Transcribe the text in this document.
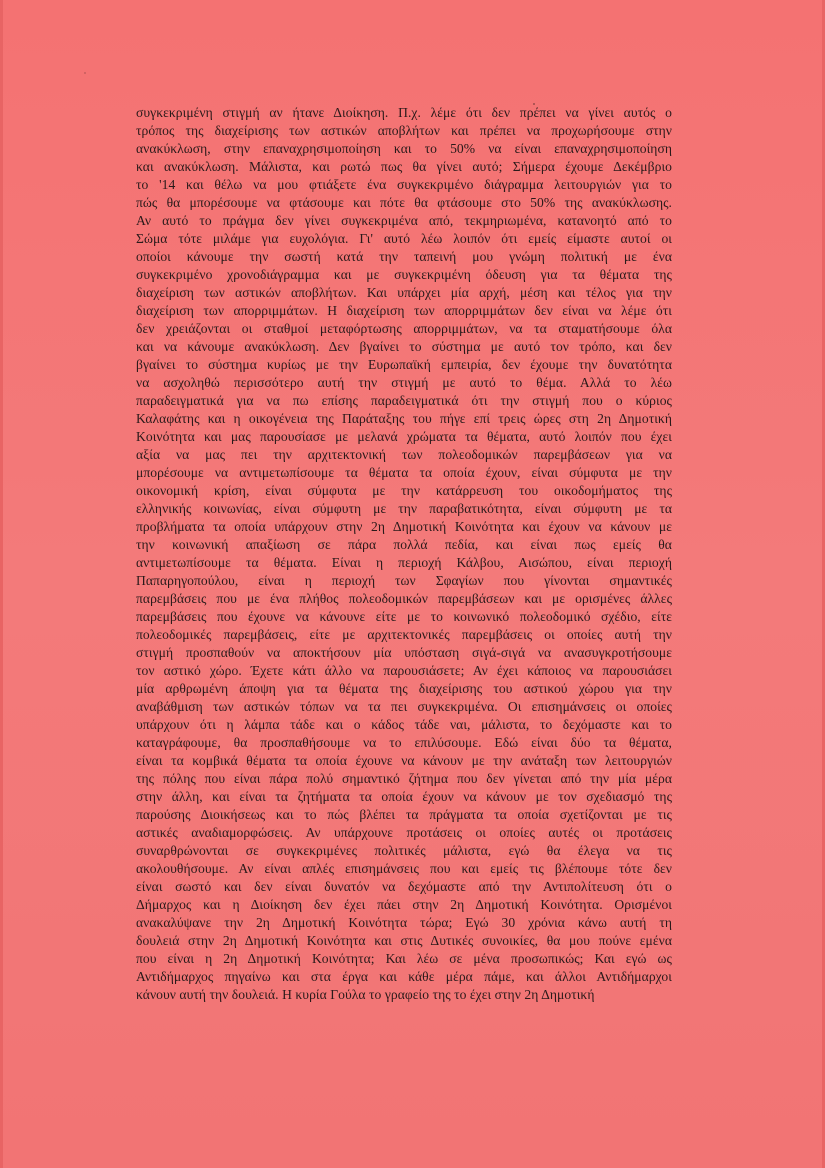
συγκεκριμένη στιγμή αν ήτανε Διοίκηση. Π.χ. λέμε ότι δεν πρέπει να γίνει αυτός ο
τρόπος της διαχείρισης των αστικών αποβλήτων και πρέπει να προχωρήσουμε στην
ανακύκλωση, στην επαναχρησιμοποίηση και το 50% να είναι επαναχρησιμοποίηση
και ανακύκλωση. Μάλιστα, και ρωτώ πως θα γίνει αυτό; Σήμερα έχουμε Δεκέμβριο
το '14 και θέλω να μου φτιάξετε ένα συγκεκριμένο διάγραμμα λειτουργιών για το
πώς θα μπορέσουμε να φτάσουμε και πότε θα φτάσουμε στο 50% της ανακύκλωσης.
Αν αυτό το πράγμα δεν γίνει συγκεκριμένα από, τεκμηριωμένα, κατανοητό από το
Σώμα τότε μιλάμε για ευχολόγια. Γι' αυτό λέω λοιπόν ότι εμείς είμαστε αυτοί οι
οποίοι κάνουμε την σωστή κατά την ταπεινή μου γνώμη πολιτική με ένα
συγκεκριμένο χρονοδιάγραμμα και με συγκεκριμένη όδευση για τα θέματα της
διαχείριση των αστικών αποβλήτων. Και υπάρχει μία αρχή, μέση και τέλος για την
διαχείριση των απορριμμάτων. Η διαχείριση των απορριμμάτων δεν είναι να λέμε ότι
δεν χρειάζονται οι σταθμοί μεταφόρτωσης απορριμμάτων, να τα σταματήσουμε όλα
και να κάνουμε ανακύκλωση. Δεν βγαίνει το σύστημα με αυτό τον τρόπο, και δεν
βγαίνει το σύστημα κυρίως με την Ευρωπαϊκή εμπειρία, δεν έχουμε την δυνατότητα
να ασχοληθώ περισσότερο αυτή την στιγμή με αυτό το θέμα. Αλλά το λέω
παραδειγματικά για να πω επίσης παραδειγματικά ότι την στιγμή που ο κύριος
Καλαφάτης και η οικογένεια της Παράταξης του πήγε επί τρεις ώρες στη 2η Δημοτική
Κοινότητα και μας παρουσίασε με μελανά χρώματα τα θέματα, αυτό λοιπόν που έχει
αξία να μας πει την αρχιτεκτονική των πολεοδομικών παρεμβάσεων για να
μπορέσουμε να αντιμετωπίσουμε τα θέματα τα οποία έχουν, είναι σύμφυτα με την
οικονομική κρίση, είναι σύμφυτα με την κατάρρευση του οικοδομήματος της
ελληνικής κοινωνίας, είναι σύμφυτη με την παραβατικότητα, είναι σύμφυτη με τα
προβλήματα τα οποία υπάρχουν στην 2η Δημοτική Κοινότητα και έχουν να κάνουν με
την κοινωνική απαξίωση σε πάρα πολλά πεδία, και είναι πως εμείς θα
αντιμετωπίσουμε τα θέματα. Είναι η περιοχή Κάλβου, Αισώπου, είναι περιοχή
Παπαρηγοπούλου, είναι η περιοχή των Σφαγίων που γίνονται σημαντικές
παρεμβάσεις που με ένα πλήθος πολεοδομικών παρεμβάσεων και με ορισμένες άλλες
παρεμβάσεις που έχουνε να κάνουνε είτε με το κοινωνικό πολεοδομικό σχέδιο, είτε
πολεοδομικές παρεμβάσεις, είτε με αρχιτεκτονικές παρεμβάσεις οι οποίες αυτή την
στιγμή προσπαθούν να αποκτήσουν μία υπόσταση σιγά-σιγά να ανασυγκροτήσουμε
τον αστικό χώρο. Έχετε κάτι άλλο να παρουσιάσετε; Αν έχει κάποιος να παρουσιάσει
μία αρθρωμένη άποψη για τα θέματα της διαχείρισης του αστικού χώρου για την
αναβάθμιση των αστικών τόπων να τα πει συγκεκριμένα. Οι επισημάνσεις οι οποίες
υπάρχουν ότι η λάμπα τάδε και ο κάδος τάδε ναι, μάλιστα, το δεχόμαστε και το
καταγράφουμε, θα προσπαθήσουμε να το επιλύσουμε. Εδώ είναι δύο τα θέματα,
είναι τα κομβικά θέματα τα οποία έχουνε να κάνουν με την ανάταξη των λειτουργιών
της πόλης που είναι πάρα πολύ σημαντικό ζήτημα που δεν γίνεται από την μία μέρα
στην άλλη, και είναι τα ζητήματα τα οποία έχουν να κάνουν με τον σχεδιασμό της
παρούσης Διοικήσεως και το πώς βλέπει τα πράγματα τα οποία σχετίζονται με τις
αστικές αναδιαμορφώσεις. Αν υπάρχουνε προτάσεις οι οποίες αυτές οι προτάσεις
συναρθρώνονται σε συγκεκριμένες πολιτικές μάλιστα, εγώ θα έλεγα να τις
ακολουθήσουμε. Αν είναι απλές επισημάνσεις που και εμείς τις βλέπουμε τότε δεν
είναι σωστό και δεν είναι δυνατόν να δεχόμαστε από την Αντιπολίτευση ότι ο
Δήμαρχος και η Διοίκηση δεν έχει πάει στην 2η Δημοτική Κοινότητα. Ορισμένοι
ανακαλύψανε την 2η Δημοτική Κοινότητα τώρα; Εγώ 30 χρόνια κάνω αυτή τη
δουλειά στην 2η Δημοτική Κοινότητα και στις Δυτικές συνοικίες, θα μου πούνε εμένα
που είναι η 2η Δημοτική Κοινότητα; Και λέω σε μένα προσωπικώς; Και εγώ ως
Αντιδήμαρχος πηγαίνω και στα έργα και κάθε μέρα πάμε, και άλλοι Αντιδήμαρχοι
κάνουν αυτή την δουλειά. Η κυρία Γούλα το γραφείο της το έχει στην 2η Δημοτική
